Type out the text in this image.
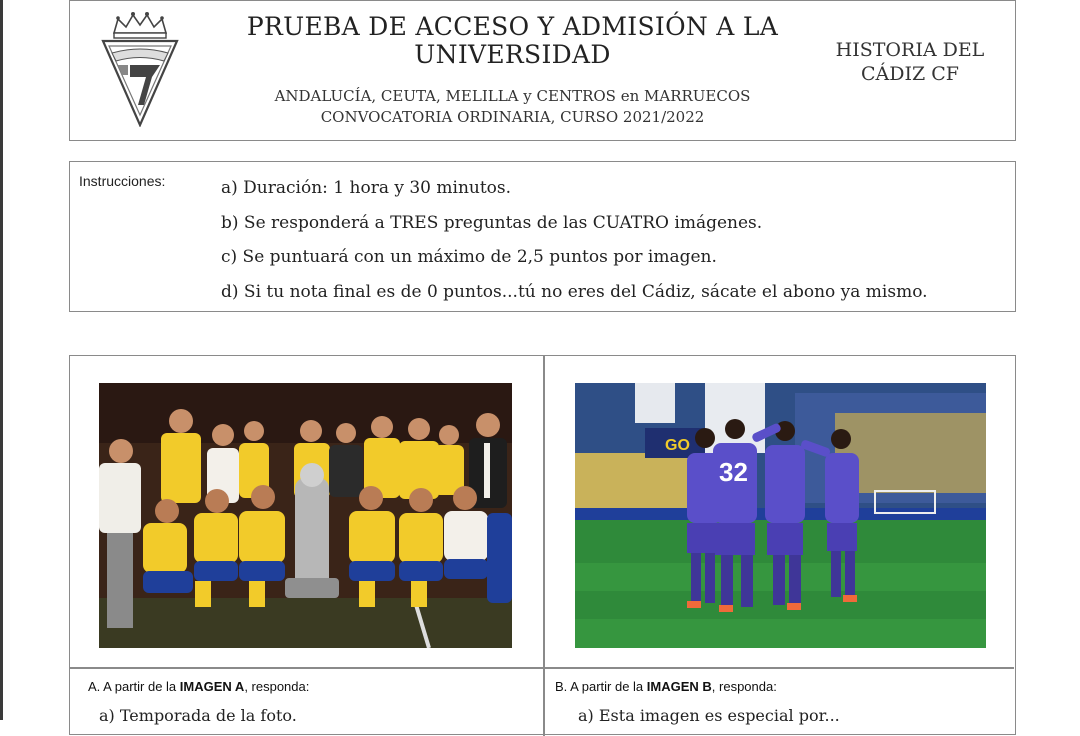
PRUEBA DE ACCESO Y ADMISIÓN A LA UNIVERSIDAD
ANDALUCÍA, CEUTA, MELILLA y CENTROS en MARRUECOS
CONVOCATORIA ORDINARIA, CURSO 2021/2022
HISTORIA DEL
CÁDIZ CF
Instrucciones:	a) Duración: 1 hora y 30 minutos.
b) Se responderá a TRES preguntas de las CUATRO imágenes.
c) Se puntuará con un máximo de 2,5 puntos por imagen.
d) Si tu nota final es de 0 puntos...tú no eres del Cádiz, sácate el abono ya mismo.
GO
32
A. A partir de la IMAGEN A, responda:
a) Temporada de la foto.
B. A partir de la IMAGEN B, responda:
a) Esta imagen es especial por...
